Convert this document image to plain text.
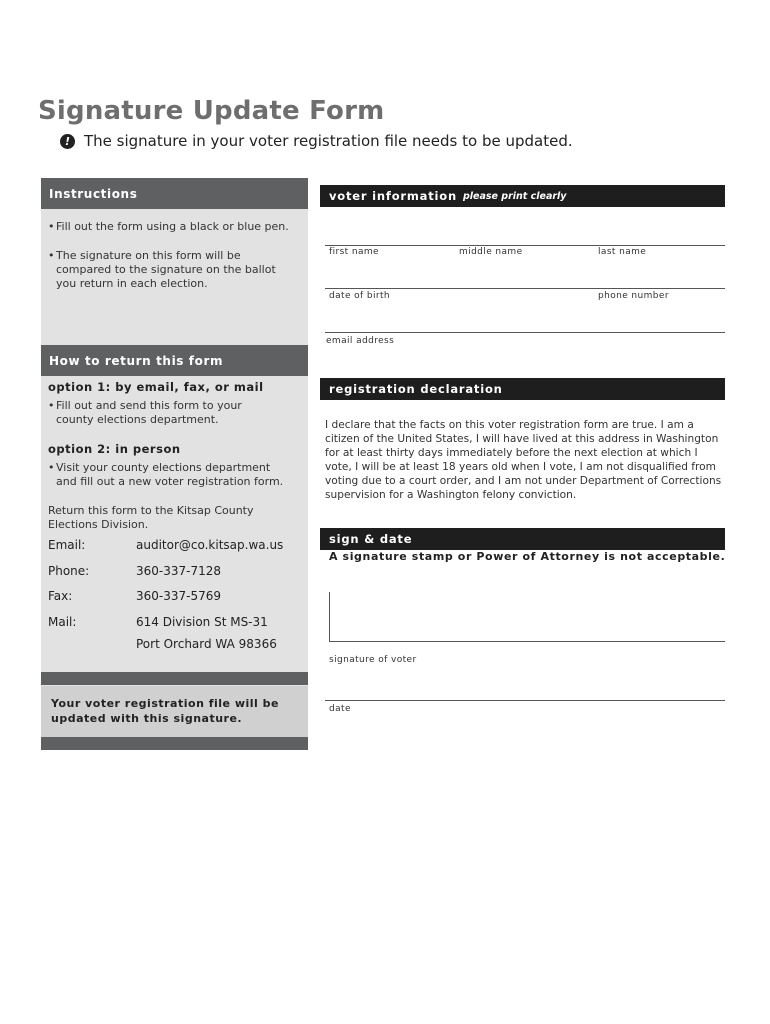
Signature Update Form
! The signature in your voter registration file needs to be updated.
Instructions
• Fill out the form using a black or blue pen.
• The signature on this form will be
compared to the signature on the ballot
you return in each election.
How to return this form
option 1: by email, fax, or mail
• Fill out and send this form to your
county elections department.
option 2: in person
• Visit your county elections department
and fill out a new voter registration form.
Return this form to the Kitsap County
Elections Division.
Email:	auditor@co.kitsap.wa.us
Phone:	360-337-7128
Fax:	360-337-5769
Mail:	614 Division St MS-31
Port Orchard WA 98366
Your voter registration file will be
updated with this signature.
voter information please print clearly
first name	middle name	last name
date of birth	phone number
email address
registration declaration
I declare that the facts on this voter registration form are true. I am a citizen of the United States, I will have lived at this address in Washington for at least thirty days immediately before the next election at which I vote, I will be at least 18 years old when I vote, I am not disqualified from voting due to a court order, and I am not under Department of Corrections supervision for a Washington felony conviction.
sign & date
A signature stamp or Power of Attorney is not acceptable.
signature of voter
date
